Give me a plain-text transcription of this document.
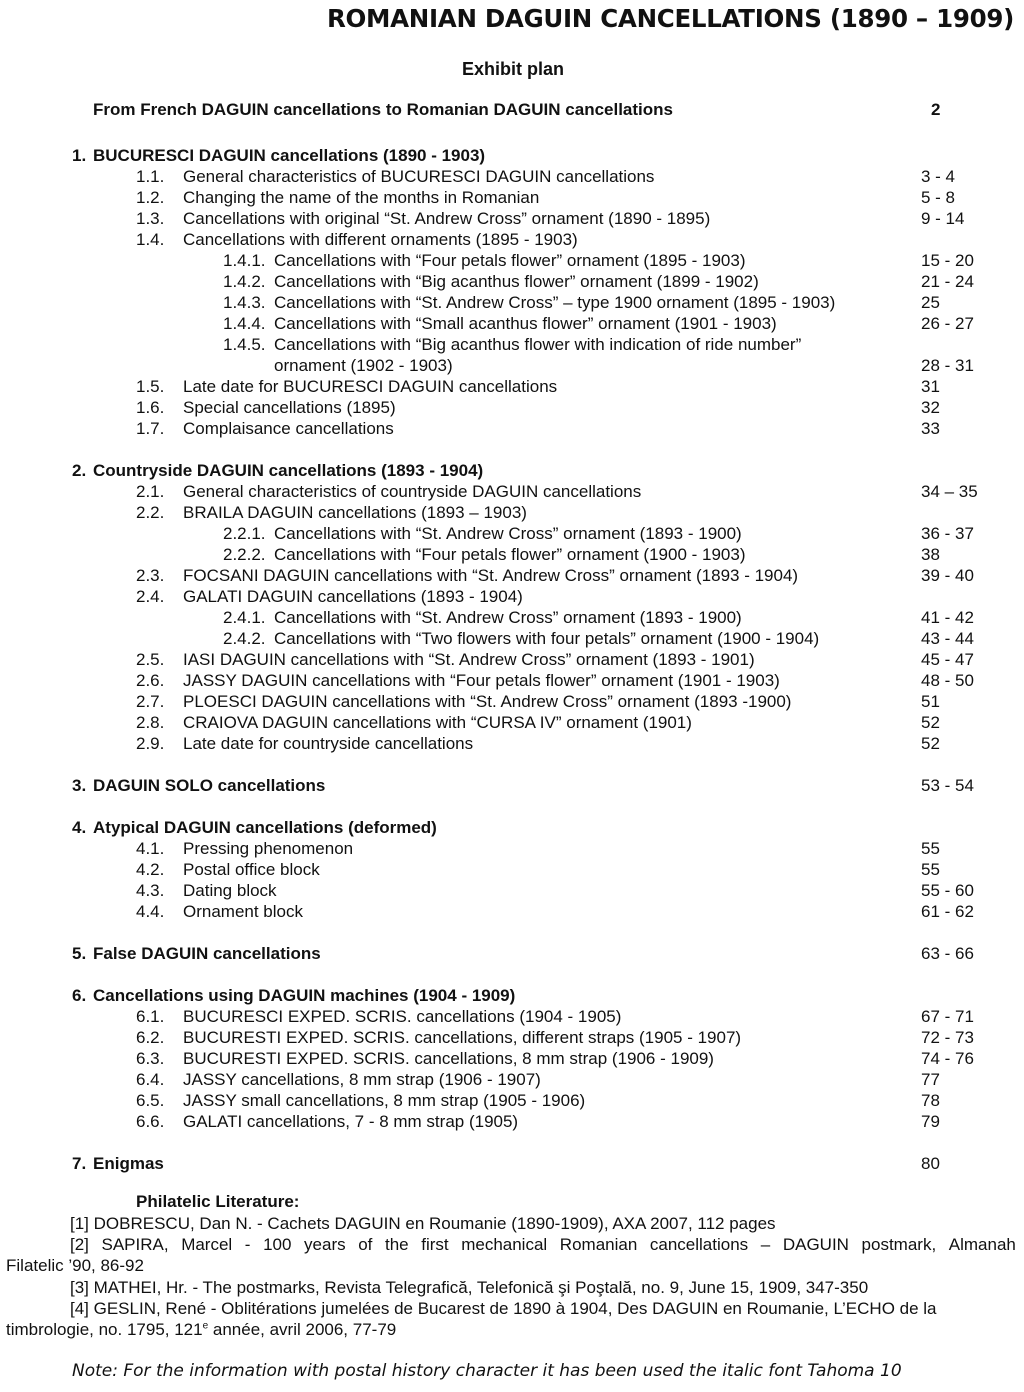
ROMANIAN DAGUIN CANCELLATIONS (1890 – 1909)
Exhibit plan
From French DAGUIN cancellations to Romanian DAGUIN cancellations	2
1. BUCURESCI DAGUIN cancellations (1890 - 1903)
1.1. General characteristics of BUCURESCI DAGUIN cancellations	3 - 4
1.2. Changing the name of the months in Romanian	5 - 8
1.3. Cancellations with original “St. Andrew Cross” ornament (1890 - 1895)	9 - 14
1.4. Cancellations with different ornaments (1895 - 1903)
1.4.1. Cancellations with “Four petals flower” ornament (1895 - 1903)	15 - 20
1.4.2. Cancellations with “Big acanthus flower” ornament (1899 - 1902)	21 - 24
1.4.3. Cancellations with “St. Andrew Cross” – type 1900 ornament (1895 - 1903)	25
1.4.4. Cancellations with “Small acanthus flower” ornament (1901 - 1903)	26 - 27
1.4.5. Cancellations with “Big acanthus flower with indication of ride number”
ornament (1902 - 1903)	28 - 31
1.5. Late date for BUCURESCI DAGUIN cancellations	31
1.6. Special cancellations (1895)	32
1.7. Complaisance cancellations	33
2. Countryside DAGUIN cancellations (1893 - 1904)
2.1. General characteristics of countryside DAGUIN cancellations	34 – 35
2.2. BRAILA DAGUIN cancellations (1893 – 1903)
2.2.1. Cancellations with “St. Andrew Cross” ornament (1893 - 1900)	36 - 37
2.2.2. Cancellations with “Four petals flower” ornament (1900 - 1903)	38
2.3. FOCSANI DAGUIN cancellations with “St. Andrew Cross” ornament (1893 - 1904)	39 - 40
2.4. GALATI DAGUIN cancellations (1893 - 1904)
2.4.1. Cancellations with “St. Andrew Cross” ornament (1893 - 1900)	41 - 42
2.4.2. Cancellations with “Two flowers with four petals” ornament (1900 - 1904)	43 - 44
2.5. IASI DAGUIN cancellations with “St. Andrew Cross” ornament (1893 - 1901)	45 - 47
2.6. JASSY DAGUIN cancellations with “Four petals flower” ornament (1901 - 1903)	48 - 50
2.7. PLOESCI DAGUIN cancellations with “St. Andrew Cross” ornament (1893 -1900)	51
2.8. CRAIOVA DAGUIN cancellations with “CURSA IV” ornament (1901)	52
2.9. Late date for countryside cancellations	52
3. DAGUIN SOLO cancellations	53 - 54
4. Atypical DAGUIN cancellations (deformed)
4.1. Pressing phenomenon	55
4.2. Postal office block	55
4.3. Dating block	55 - 60
4.4. Ornament block	61 - 62
5. False DAGUIN cancellations	63 - 66
6. Cancellations using DAGUIN machines (1904 - 1909)
6.1. BUCURESCI EXPED. SCRIS. cancellations (1904 - 1905)	67 - 71
6.2. BUCURESTI EXPED. SCRIS. cancellations, different straps (1905 - 1907)	72 - 73
6.3. BUCURESTI EXPED. SCRIS. cancellations, 8 mm strap (1906 - 1909)	74 - 76
6.4. JASSY cancellations, 8 mm strap (1906 - 1907)	77
6.5. JASSY small cancellations, 8 mm strap (1905 - 1906)	78
6.6. GALATI cancellations, 7 - 8 mm strap (1905)	79
7. Enigmas	80
Philatelic Literature:
[1] DOBRESCU, Dan N. - Cachets DAGUIN en Roumanie (1890-1909), AXA 2007, 112 pages
[2] SAPIRA, Marcel - 100 years of the first mechanical Romanian cancellations – DAGUIN postmark, Almanah
Filatelic ’90, 86-92
[3] MATHEI, Hr. - The postmarks, Revista Telegrafică, Telefonică şi Poştală, no. 9, June 15, 1909, 347-350
[4] GESLIN, René - Oblitérations jumelées de Bucarest de 1890 à 1904, Des DAGUIN en Roumanie, L’ECHO de la
timbrologie, no. 1795, 121e année, avril 2006, 77-79
Note: For the information with postal history character it has been used the italic font Tahoma 10
